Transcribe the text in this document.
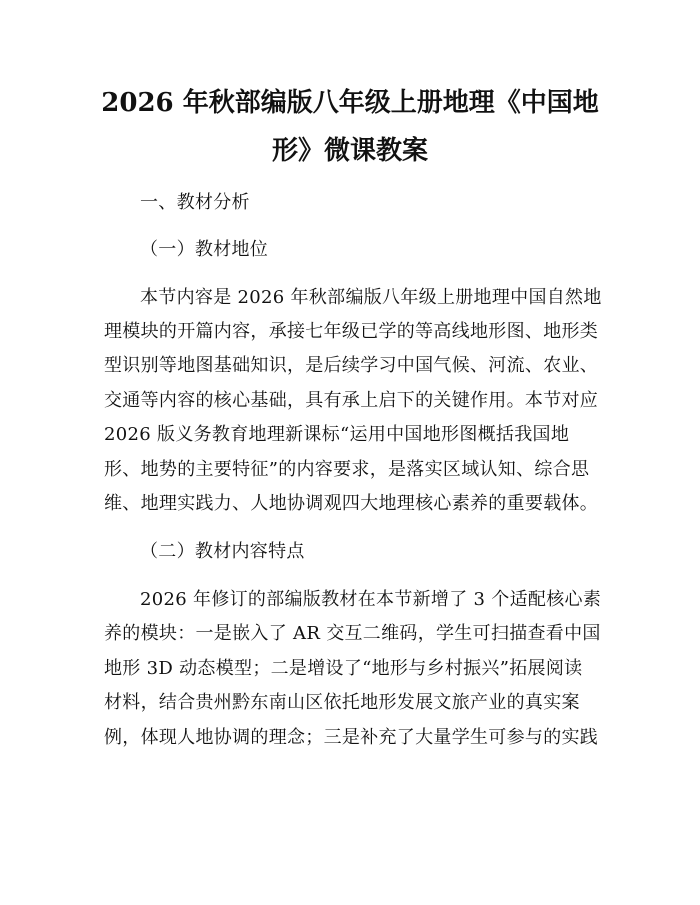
2026 年秋部编版八年级上册地理《中国地
形》微课教案
一、教材分析
（一）教材地位
本节内容是 2026 年秋部编版八年级上册地理中国自然地
理模块的开篇内容，承接七年级已学的等高线地形图、地形类
型识别等地图基础知识，是后续学习中国气候、河流、农业、
交通等内容的核心基础，具有承上启下的关键作用。本节对应
2026 版义务教育地理新课标“运用中国地形图概括我国地
形、地势的主要特征”的内容要求，是落实区域认知、综合思
维、地理实践力、人地协调观四大地理核心素养的重要载体。
（二）教材内容特点
2026 年修订的部编版教材在本节新增了 3 个适配核心素
养的模块：一是嵌入了 AR 交互二维码，学生可扫描查看中国
地形 3D 动态模型；二是增设了“地形与乡村振兴”拓展阅读
材料，结合贵州黔东南山区依托地形发展文旅产业的真实案
例，体现人地协调的理念；三是补充了大量学生可参与的实践
